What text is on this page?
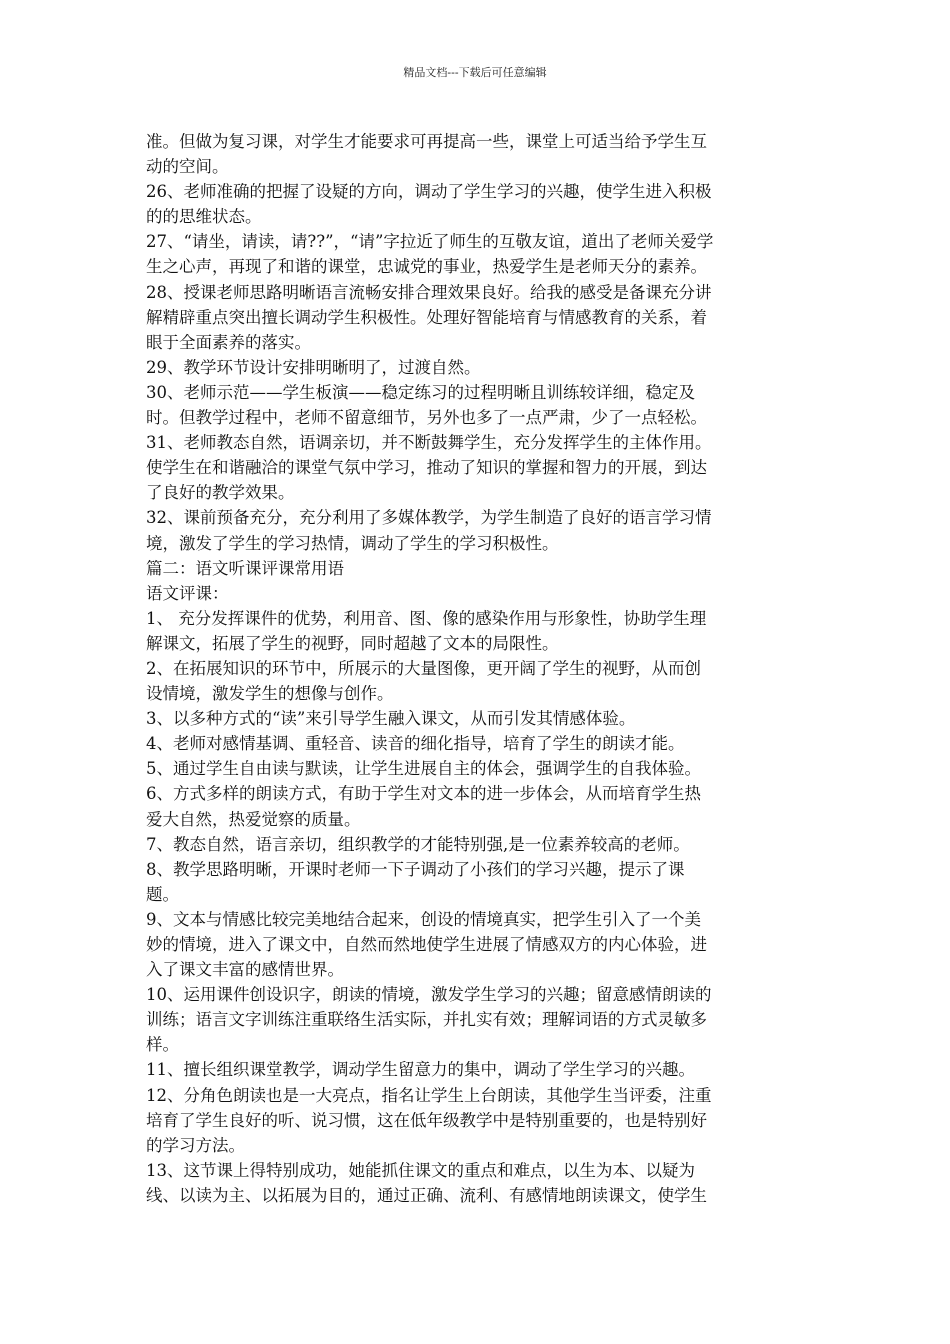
精品文档---下载后可任意编辑
准。但做为复习课，对学生才能要求可再提高一些，课堂上可适当给予学生互
动的空间。
26、老师准确的把握了设疑的方向，调动了学生学习的兴趣，使学生进入积极
的的思维状态。
27、“请坐，请读，请??”，“请”字拉近了师生的互敬友谊，道出了老师关爱学
生之心声，再现了和谐的课堂，忠诚党的事业，热爱学生是老师天分的素养。
28、授课老师思路明晰语言流畅安排合理效果良好。给我的感受是备课充分讲
解精辟重点突出擅长调动学生积极性。处理好智能培育与情感教育的关系，着
眼于全面素养的落实。
29、教学环节设计安排明晰明了，过渡自然。
30、老师示范——学生板演——稳定练习的过程明晰且训练较详细，稳定及
时。但教学过程中，老师不留意细节，另外也多了一点严肃，少了一点轻松。
31、老师教态自然，语调亲切，并不断鼓舞学生，充分发挥学生的主体作用。
使学生在和谐融洽的课堂气氛中学习，推动了知识的掌握和智力的开展，到达
了良好的教学效果。
32、课前预备充分，充分利用了多媒体教学，为学生制造了良好的语言学习情
境，激发了学生的学习热情，调动了学生的学习积极性。
篇二：语文听课评课常用语
语文评课：
1、 充分发挥课件的优势，利用音、图、像的感染作用与形象性，协助学生理
解课文，拓展了学生的视野，同时超越了文本的局限性。
2、在拓展知识的环节中，所展示的大量图像，更开阔了学生的视野，从而创
设情境，激发学生的想像与创作。
3、以多种方式的“读”来引导学生融入课文，从而引发其情感体验。
4、老师对感情基调、重轻音、读音的细化指导，培育了学生的朗读才能。
5、通过学生自由读与默读，让学生进展自主的体会，强调学生的自我体验。
6、方式多样的朗读方式，有助于学生对文本的进一步体会，从而培育学生热
爱大自然，热爱觉察的质量。
7、教态自然，语言亲切，组织教学的才能特别强,是一位素养较高的老师。
8、教学思路明晰，开课时老师一下子调动了小孩们的学习兴趣，提示了课
题。
9、文本与情感比较完美地结合起来，创设的情境真实，把学生引入了一个美
妙的情境，进入了课文中，自然而然地使学生进展了情感双方的内心体验，进
入了课文丰富的感情世界。
10、运用课件创设识字，朗读的情境，激发学生学习的兴趣；留意感情朗读的
训练；语言文字训练注重联络生活实际，并扎实有效；理解词语的方式灵敏多
样。
11、擅长组织课堂教学，调动学生留意力的集中，调动了学生学习的兴趣。
12、分角色朗读也是一大亮点，指名让学生上台朗读，其他学生当评委，注重
培育了学生良好的听、说习惯，这在低年级教学中是特别重要的，也是特别好
的学习方法。
13、这节课上得特别成功，她能抓住课文的重点和难点，以生为本、以疑为
线、以读为主、以拓展为目的，通过正确、流利、有感情地朗读课文，使学生
